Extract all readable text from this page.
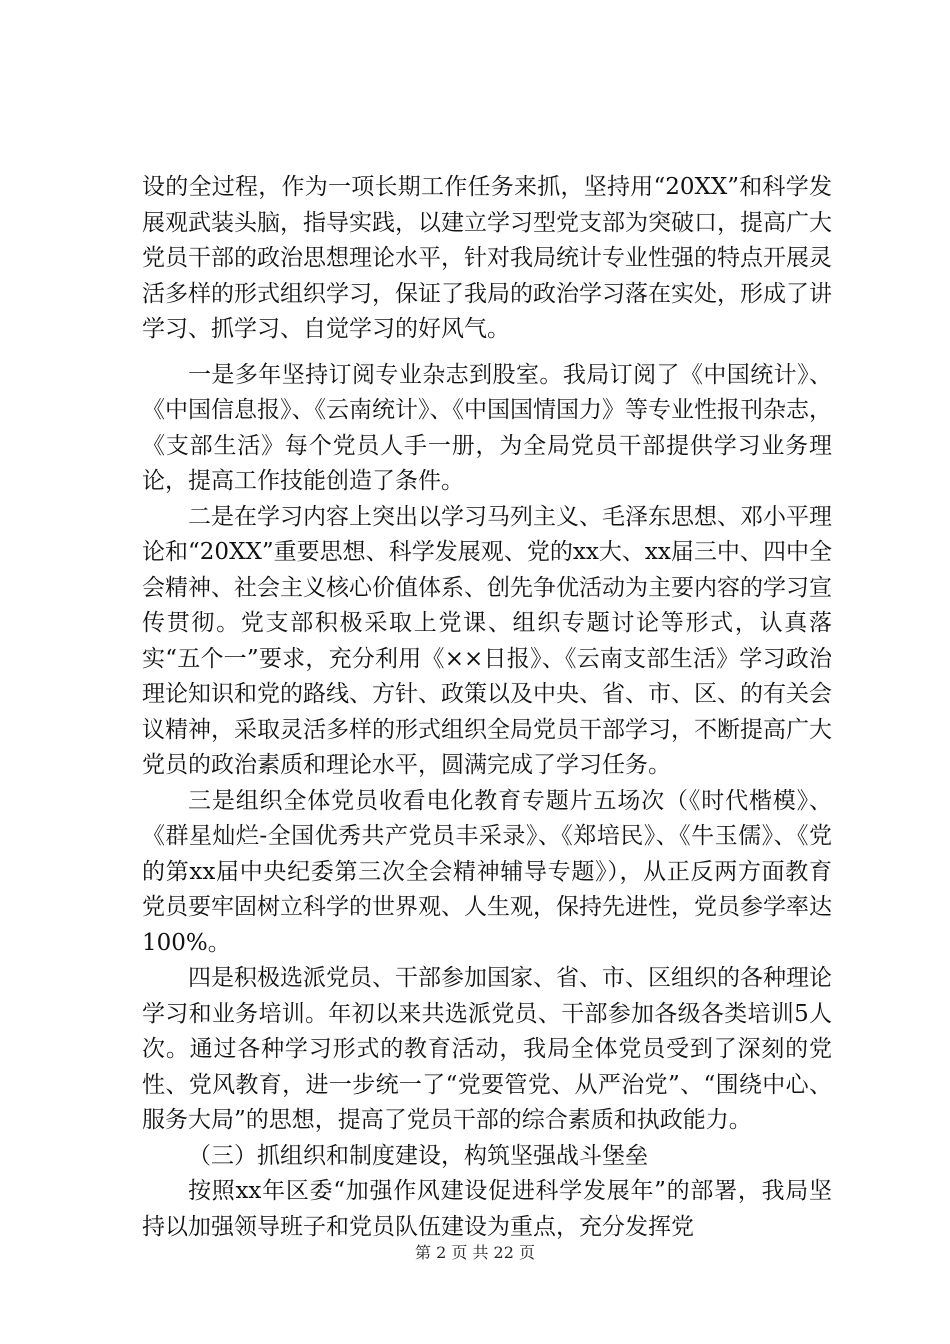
设的全过程，作为一项长期工作任务来抓，坚持用“20XX”和科学发展观武装头脑，指导实践，以建立学习型党支部为突破口，提高广大党员干部的政治思想理论水平，针对我局统计专业性强的特点开展灵活多样的形式组织学习，保证了我局的政治学习落在实处，形成了讲学习、抓学习、自觉学习的好风气。

一是多年坚持订阅专业杂志到股室。我局订阅了《中国统计》、《中国信息报》、《云南统计》、《中国国情国力》等专业性报刊杂志，《支部生活》每个党员人手一册，为全局党员干部提供学习业务理论，提高工作技能创造了条件。

二是在学习内容上突出以学习马列主义、毛泽东思想、邓小平理论和“20XX”重要思想、科学发展观、党的xx大、xx届三中、四中全会精神、社会主义核心价值体系、创先争优活动为主要内容的学习宣传贯彻。党支部积极采取上党课、组织专题讨论等形式，认真落实“五个一”要求，充分利用《××日报》、《云南支部生活》学习政治理论知识和党的路线、方针、政策以及中央、省、市、区、的有关会议精神，采取灵活多样的形式组织全局党员干部学习，不断提高广大党员的政治素质和理论水平，圆满完成了学习任务。

三是组织全体党员收看电化教育专题片五场次（《时代楷模》、《群星灿烂-全国优秀共产党员丰采录》、《郑培民》、《牛玉儒》、《党的第xx届中央纪委第三次全会精神辅导专题》），从正反两方面教育党员要牢固树立科学的世界观、人生观，保持先进性，党员参学率达100%。

四是积极选派党员、干部参加国家、省、市、区组织的各种理论学习和业务培训。年初以来共选派党员、干部参加各级各类培训5人次。通过各种学习形式的教育活动，我局全体党员受到了深刻的党性、党风教育，进一步统一了“党要管党、从严治党”、“围绕中心、服务大局”的思想，提高了党员干部的综合素质和执政能力。

（三）抓组织和制度建设，构筑坚强战斗堡垒

按照xx年区委“加强作风建设促进科学发展年”的部署，我局坚持以加强领导班子和党员队伍建设为重点，充分发挥党

第 2 页 共 22 页
